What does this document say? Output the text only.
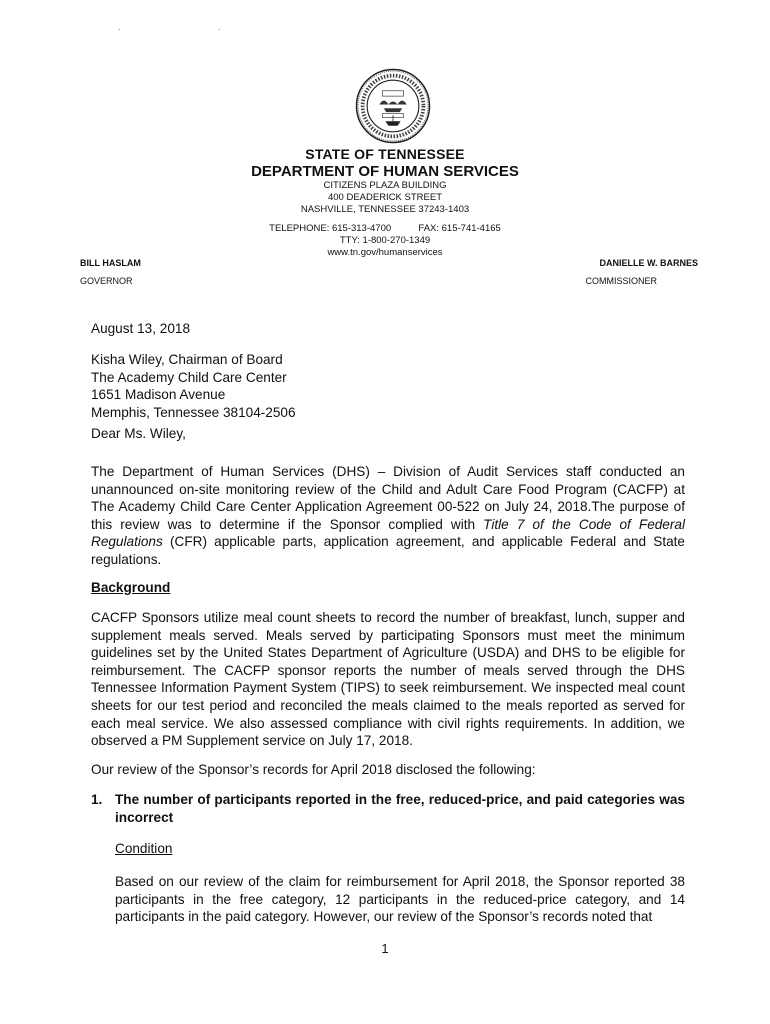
.	.
STATE OF TENNESSEE
DEPARTMENT OF HUMAN SERVICES
CITIZENS PLAZA BUILDING
400 DEADERICK STREET
NASHVILLE, TENNESSEE 37243-1403
TELEPHONE: 615-313-4700	FAX: 615-741-4165
TTY: 1-800-270-1349
www.tn.gov/humanservices
BILL HASLAM
GOVERNOR
DANIELLE W. BARNES
COMMISSIONER
August 13, 2018
Kisha Wiley, Chairman of Board
The Academy Child Care Center
1651 Madison Avenue
Memphis, Tennessee 38104-2506
Dear Ms. Wiley,
The Department of Human Services (DHS) – Division of Audit Services staff conducted an unannounced on-site monitoring review of the Child and Adult Care Food Program (CACFP) at The Academy Child Care Center Application Agreement 00-522 on July 24, 2018.The purpose of this review was to determine if the Sponsor complied with Title 7 of the Code of Federal Regulations (CFR) applicable parts, application agreement, and applicable Federal and State regulations.
Background
CACFP Sponsors utilize meal count sheets to record the number of breakfast, lunch, supper and supplement meals served. Meals served by participating Sponsors must meet the minimum guidelines set by the United States Department of Agriculture (USDA) and DHS to be eligible for reimbursement. The CACFP sponsor reports the number of meals served through the DHS Tennessee Information Payment System (TIPS) to seek reimbursement. We inspected meal count sheets for our test period and reconciled the meals claimed to the meals reported as served for each meal service. We also assessed compliance with civil rights requirements. In addition, we observed a PM Supplement service on July 17, 2018.
Our review of the Sponsor’s records for April 2018 disclosed the following:
1. The number of participants reported in the free, reduced-price, and paid categories was incorrect
Condition
Based on our review of the claim for reimbursement for April 2018, the Sponsor reported 38 participants in the free category, 12 participants in the reduced-price category, and 14 participants in the paid category. However, our review of the Sponsor’s records noted that
1
